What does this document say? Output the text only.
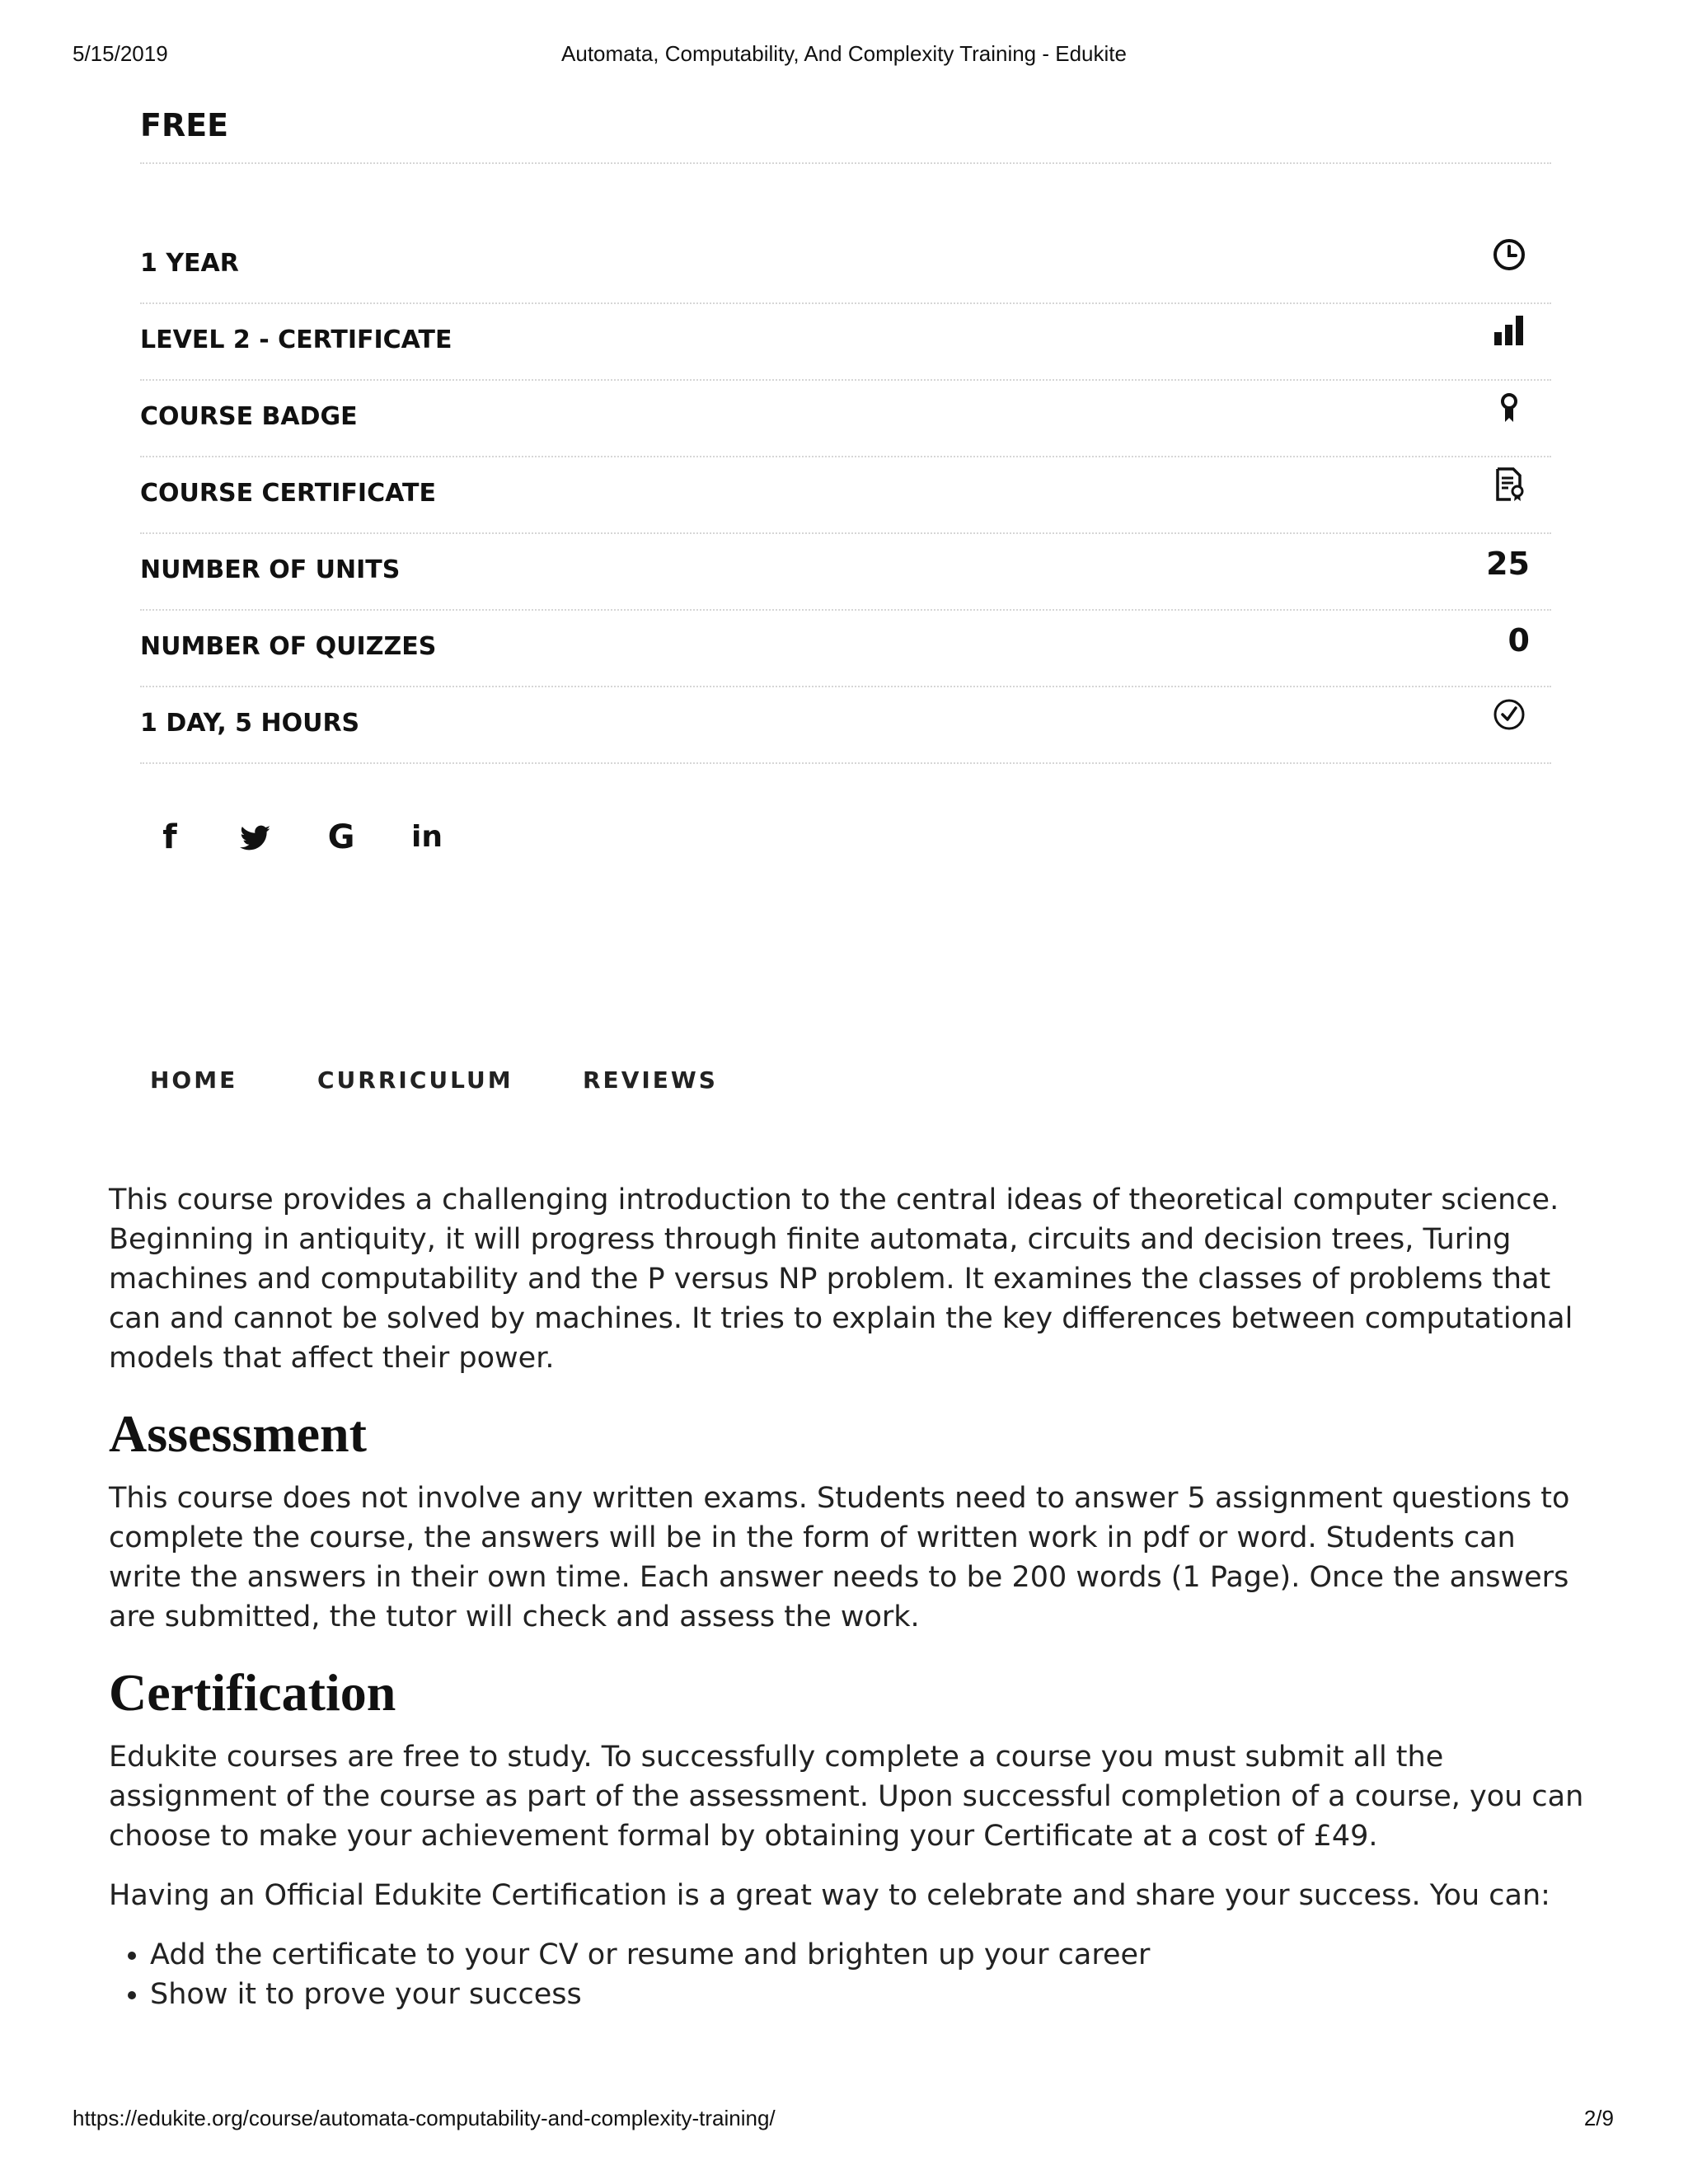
5/15/2019	Automata, Computability, And Complexity Training - Edukite
FREE
1 YEAR
LEVEL 2 - CERTIFICATE
COURSE BADGE
COURSE CERTIFICATE
NUMBER OF UNITS	25
NUMBER OF QUIZZES	0
1 DAY, 5 HOURS
f	G in
HOME	CURRICULUM	REVIEWS

This course provides a challenging introduction to the central ideas of theoretical computer science. Beginning in antiquity, it will progress through finite automata, circuits and decision trees, Turing machines and computability and the P versus NP problem. It examines the classes of problems that can and cannot be solved by machines. It tries to explain the key differences between computational models that affect their power.

Assessment

This course does not involve any written exams. Students need to answer 5 assignment questions to complete the course, the answers will be in the form of written work in pdf or word. Students can write the answers in their own time. Each answer needs to be 200 words (1 Page). Once the answers are submitted, the tutor will check and assess the work.

Certification

Edukite courses are free to study. To successfully complete a course you must submit all the assignment of the course as part of the assessment. Upon successful completion of a course, you can choose to make your achievement formal by obtaining your Certificate at a cost of £49.

Having an Official Edukite Certification is a great way to celebrate and share your success. You can:

• Add the certificate to your CV or resume and brighten up your career
• Show it to prove your success
https://edukite.org/course/automata-computability-and-complexity-training/	2/9
